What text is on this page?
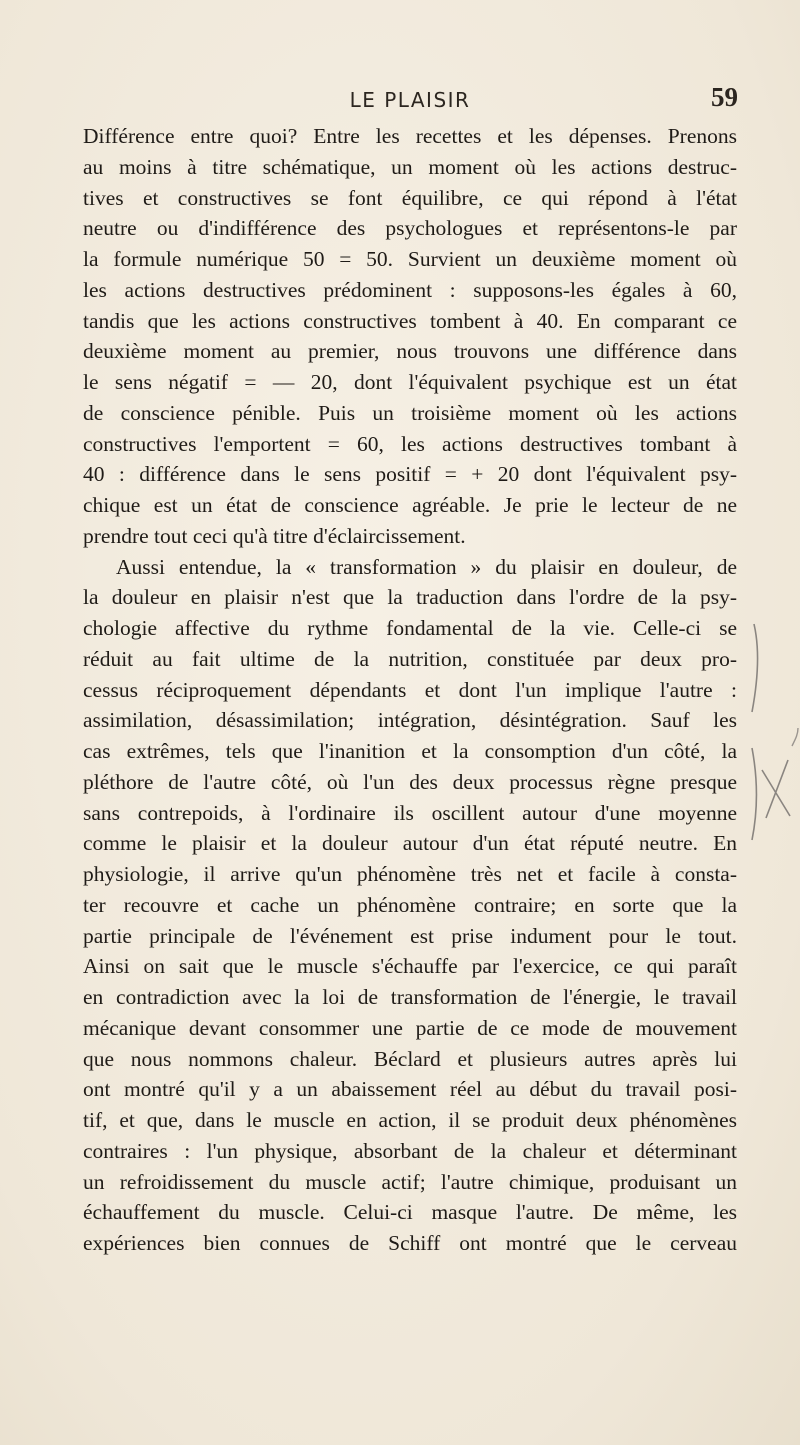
LE PLAISIR	59
Différence entre quoi? Entre les recettes et les dépenses. Prenons
au moins à titre schématique, un moment où les actions destruc-
tives et constructives se font équilibre, ce qui répond à l'état
neutre ou d'indifférence des psychologues et représentons-le par
la formule numérique 50 = 50. Survient un deuxième moment où
les actions destructives prédominent : supposons-les égales à 60,
tandis que les actions constructives tombent à 40. En comparant ce
deuxième moment au premier, nous trouvons une différence dans
le sens négatif = — 20, dont l'équivalent psychique est un état
de conscience pénible. Puis un troisième moment où les actions
constructives l'emportent = 60, les actions destructives tombant à
40 : différence dans le sens positif = + 20 dont l'équivalent psy-
chique est un état de conscience agréable. Je prie le lecteur de ne
prendre tout ceci qu'à titre d'éclaircissement.
Aussi entendue, la « transformation » du plaisir en douleur, de
la douleur en plaisir n'est que la traduction dans l'ordre de la psy-
chologie affective du rythme fondamental de la vie. Celle-ci se
réduit au fait ultime de la nutrition, constituée par deux pro-
cessus réciproquement dépendants et dont l'un implique l'autre :
assimilation, désassimilation; intégration, désintégration. Sauf les
cas extrêmes, tels que l'inanition et la consomption d'un côté, la
pléthore de l'autre côté, où l'un des deux processus règne presque
sans contrepoids, à l'ordinaire ils oscillent autour d'une moyenne
comme le plaisir et la douleur autour d'un état réputé neutre. En
physiologie, il arrive qu'un phénomène très net et facile à consta-
ter recouvre et cache un phénomène contraire; en sorte que la
partie principale de l'événement est prise indument pour le tout.
Ainsi on sait que le muscle s'échauffe par l'exercice, ce qui paraît
en contradiction avec la loi de transformation de l'énergie, le travail
mécanique devant consommer une partie de ce mode de mouvement
que nous nommons chaleur. Béclard et plusieurs autres après lui
ont montré qu'il y a un abaissement réel au début du travail posi-
tif, et que, dans le muscle en action, il se produit deux phénomènes
contraires : l'un physique, absorbant de la chaleur et déterminant
un refroidissement du muscle actif; l'autre chimique, produisant un
échauffement du muscle. Celui-ci masque l'autre. De même, les
expériences bien connues de Schiff ont montré que le cerveau
